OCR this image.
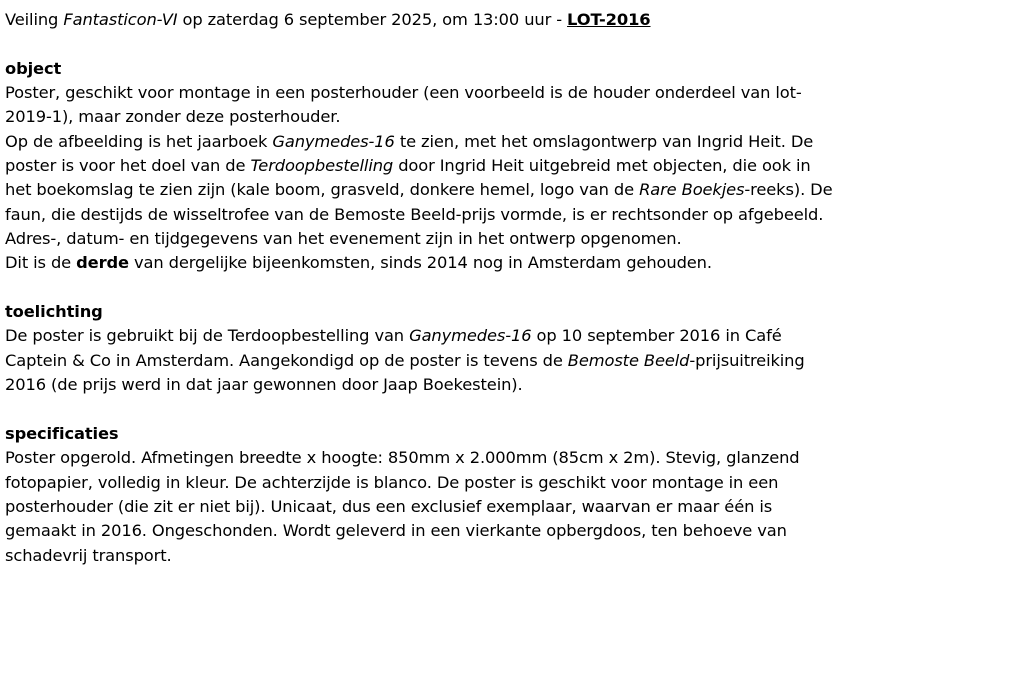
Veiling Fantasticon-VI op zaterdag 6 september 2025, om 13:00 uur - LOT-2016
object
Poster, geschikt voor montage in een posterhouder (een voorbeeld is de houder onderdeel van lot-
2019-1), maar zonder deze posterhouder.
Op de afbeelding is het jaarboek Ganymedes-16 te zien, met het omslagontwerp van Ingrid Heit. De
poster is voor het doel van de Terdoopbestelling door Ingrid Heit uitgebreid met objecten, die ook in
het boekomslag te zien zijn (kale boom, grasveld, donkere hemel, logo van de Rare Boekjes-reeks). De
faun, die destijds de wisseltrofee van de Bemoste Beeld-prijs vormde, is er rechtsonder op afgebeeld.
Adres-, datum- en tijdgegevens van het evenement zijn in het ontwerp opgenomen.
Dit is de derde van dergelijke bijeenkomsten, sinds 2014 nog in Amsterdam gehouden.
toelichting
De poster is gebruikt bij de Terdoopbestelling van Ganymedes-16 op 10 september 2016 in Café
Captein & Co in Amsterdam. Aangekondigd op de poster is tevens de Bemoste Beeld-prijsuitreiking
2016 (de prijs werd in dat jaar gewonnen door Jaap Boekestein).
specificaties
Poster opgerold. Afmetingen breedte x hoogte: 850mm x 2.000mm (85cm x 2m). Stevig, glanzend
fotopapier, volledig in kleur. De achterzijde is blanco. De poster is geschikt voor montage in een
posterhouder (die zit er niet bij). Unicaat, dus een exclusief exemplaar, waarvan er maar één is
gemaakt in 2016. Ongeschonden. Wordt geleverd in een vierkante opbergdoos, ten behoeve van
schadevrij transport.
